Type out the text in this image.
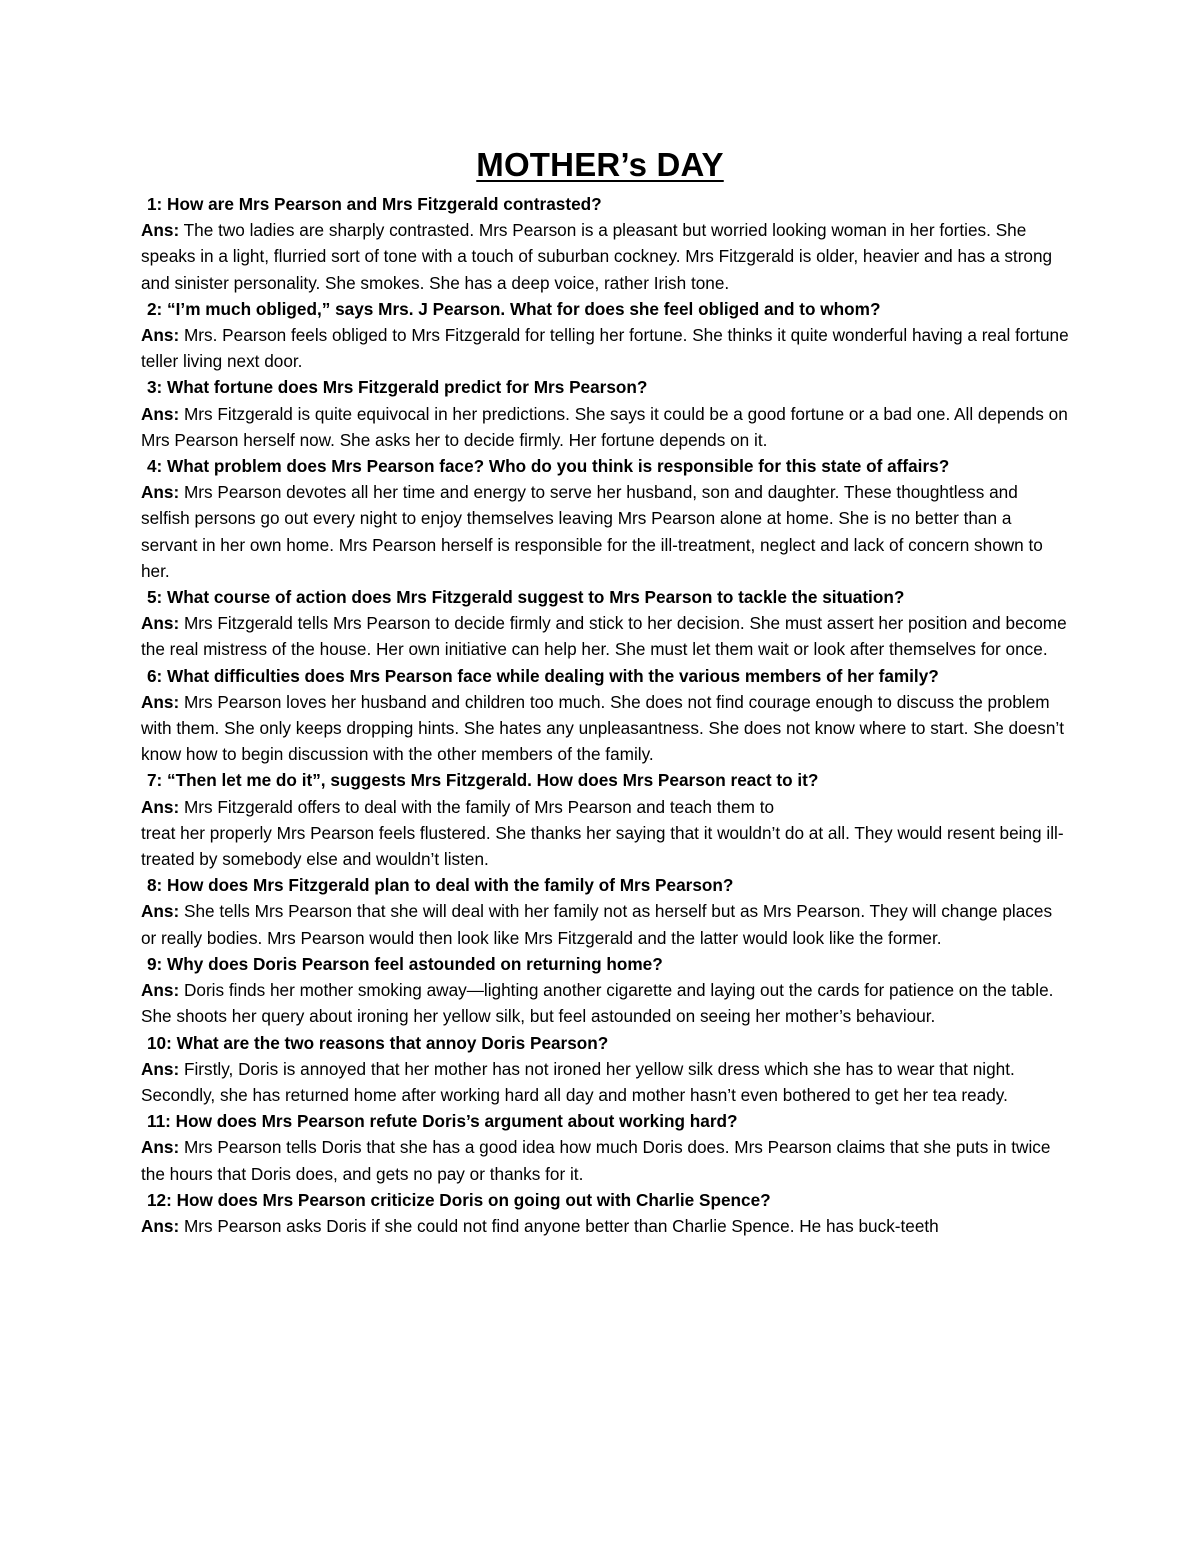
MOTHER’s DAY
1: How are Mrs Pearson and Mrs Fitzgerald contrasted?
Ans: The two ladies are sharply contrasted. Mrs Pearson is a pleasant but worried looking woman in her forties. She speaks in a light, flurried sort of tone with a touch of suburban cockney. Mrs Fitzgerald is older, heavier and has a strong and sinister personality. She smokes. She has a deep voice, rather Irish tone.
2: “I’m much obliged,” says Mrs. J Pearson. What for does she feel obliged and to whom?
Ans: Mrs. Pearson feels obliged to Mrs Fitzgerald for telling her fortune. She thinks it quite wonderful having a real fortune teller living next door.
3: What fortune does Mrs Fitzgerald predict for Mrs Pearson?
Ans: Mrs Fitzgerald is quite equivocal in her predictions. She says it could be a good fortune or a bad one. All depends on Mrs Pearson herself now. She asks her to decide firmly. Her fortune depends on it.
4: What problem does Mrs Pearson face? Who do you think is responsible for this state of affairs?
Ans: Mrs Pearson devotes all her time and energy to serve her husband, son and daughter. These thoughtless and selfish persons go out every night to enjoy themselves leaving Mrs Pearson alone at home. She is no better than a servant in her own home. Mrs Pearson herself is responsible for the ill-treatment, neglect and lack of concern shown to her.
5: What course of action does Mrs Fitzgerald suggest to Mrs Pearson to tackle the situation?
Ans: Mrs Fitzgerald tells Mrs Pearson to decide firmly and stick to her decision. She must assert her position and become the real mistress of the house. Her own initiative can help her. She must let them wait or look after themselves for once.
6: What difficulties does Mrs Pearson face while dealing with the various members of her family?
Ans: Mrs Pearson loves her husband and children too much. She does not find courage enough to discuss the problem with them. She only keeps dropping hints. She hates any unpleasantness. She does not know where to start. She doesn’t know how to begin discussion with the other members of the family.
7: “Then let me do it”, suggests Mrs Fitzgerald. How does Mrs Pearson react to it?
Ans: Mrs Fitzgerald offers to deal with the family of Mrs Pearson and teach them to
treat her properly Mrs Pearson feels flustered. She thanks her saying that it wouldn’t do at all. They would resent being ill-treated by somebody else and wouldn’t listen.
8: How does Mrs Fitzgerald plan to deal with the family of Mrs Pearson?
Ans: She tells Mrs Pearson that she will deal with her family not as herself but as Mrs Pearson. They will change places or really bodies. Mrs Pearson would then look like Mrs Fitzgerald and the latter would look like the former.
9: Why does Doris Pearson feel astounded on returning home?
Ans: Doris finds her mother smoking away—lighting another cigarette and laying out the cards for patience on the table. She shoots her query about ironing her yellow silk, but feel astounded on seeing her mother’s behaviour.
10: What are the two reasons that annoy Doris Pearson?
Ans: Firstly, Doris is annoyed that her mother has not ironed her yellow silk dress which she has to wear that night. Secondly, she has returned home after working hard all day and mother hasn’t even bothered to get her tea ready.
11: How does Mrs Pearson refute Doris’s argument about working hard?
Ans: Mrs Pearson tells Doris that she has a good idea how much Doris does. Mrs Pearson claims that she puts in twice the hours that Doris does, and gets no pay or thanks for it.
12: How does Mrs Pearson criticize Doris on going out with Charlie Spence?
Ans: Mrs Pearson asks Doris if she could not find anyone better than Charlie Spence. He has buck-teeth
